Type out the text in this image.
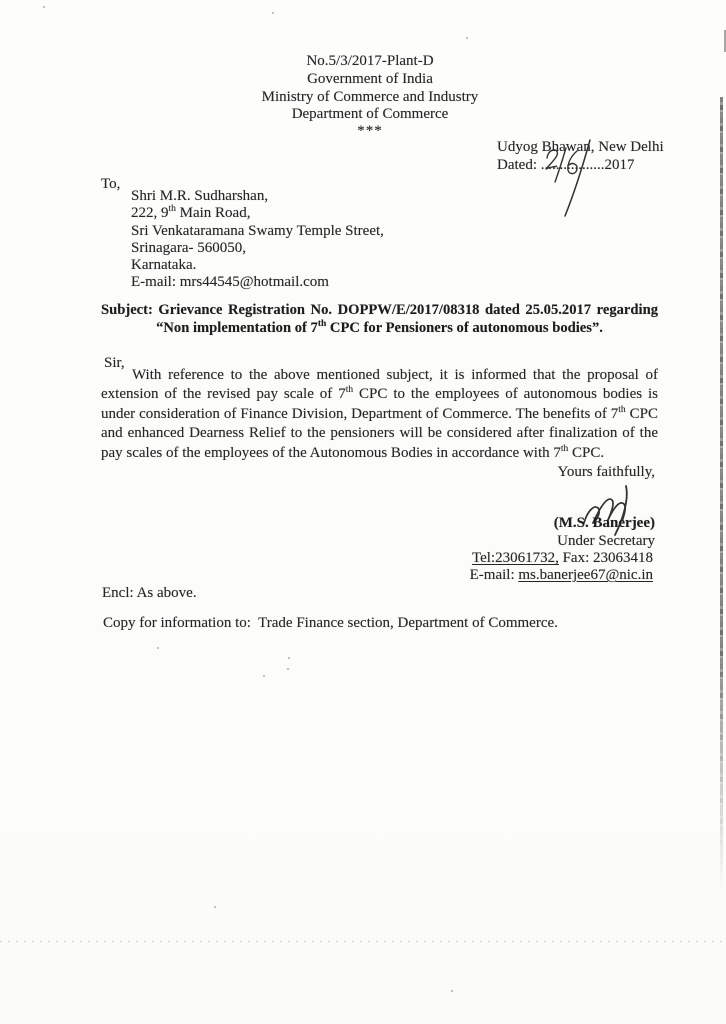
No.5/3/2017-Plant-D
Government of India
Ministry of Commerce and Industry
Department of Commerce
***
Udyog Bhawan, New Delhi
Dated: .................2017
To,
Shri M.R. Sudharshan,
222, 9th Main Road,
Sri Venkataramana Swamy Temple Street,
Srinagara- 560050,
Karnataka.
E-mail: mrs44545@hotmail.com
Subject: Grievance Registration No. DOPPW/E/2017/08318 dated 25.05.2017 regarding
“Non implementation of 7th CPC for Pensioners of autonomous bodies”.
Sir,
With reference to the above mentioned subject, it is informed that the proposal of extension of the revised pay scale of 7th CPC to the employees of autonomous bodies is under consideration of Finance Division, Department of Commerce. The benefits of 7th CPC and enhanced Dearness Relief to the pensioners will be considered after finalization of the pay scales of the employees of the Autonomous Bodies in accordance with 7th CPC.
Yours faithfully,
(M.S. Banerjee)
Under Secretary
Tel:23061732, Fax: 23063418
E-mail: ms.banerjee67@nic.in
Encl: As above.
Copy for information to:  Trade Finance section, Department of Commerce.
